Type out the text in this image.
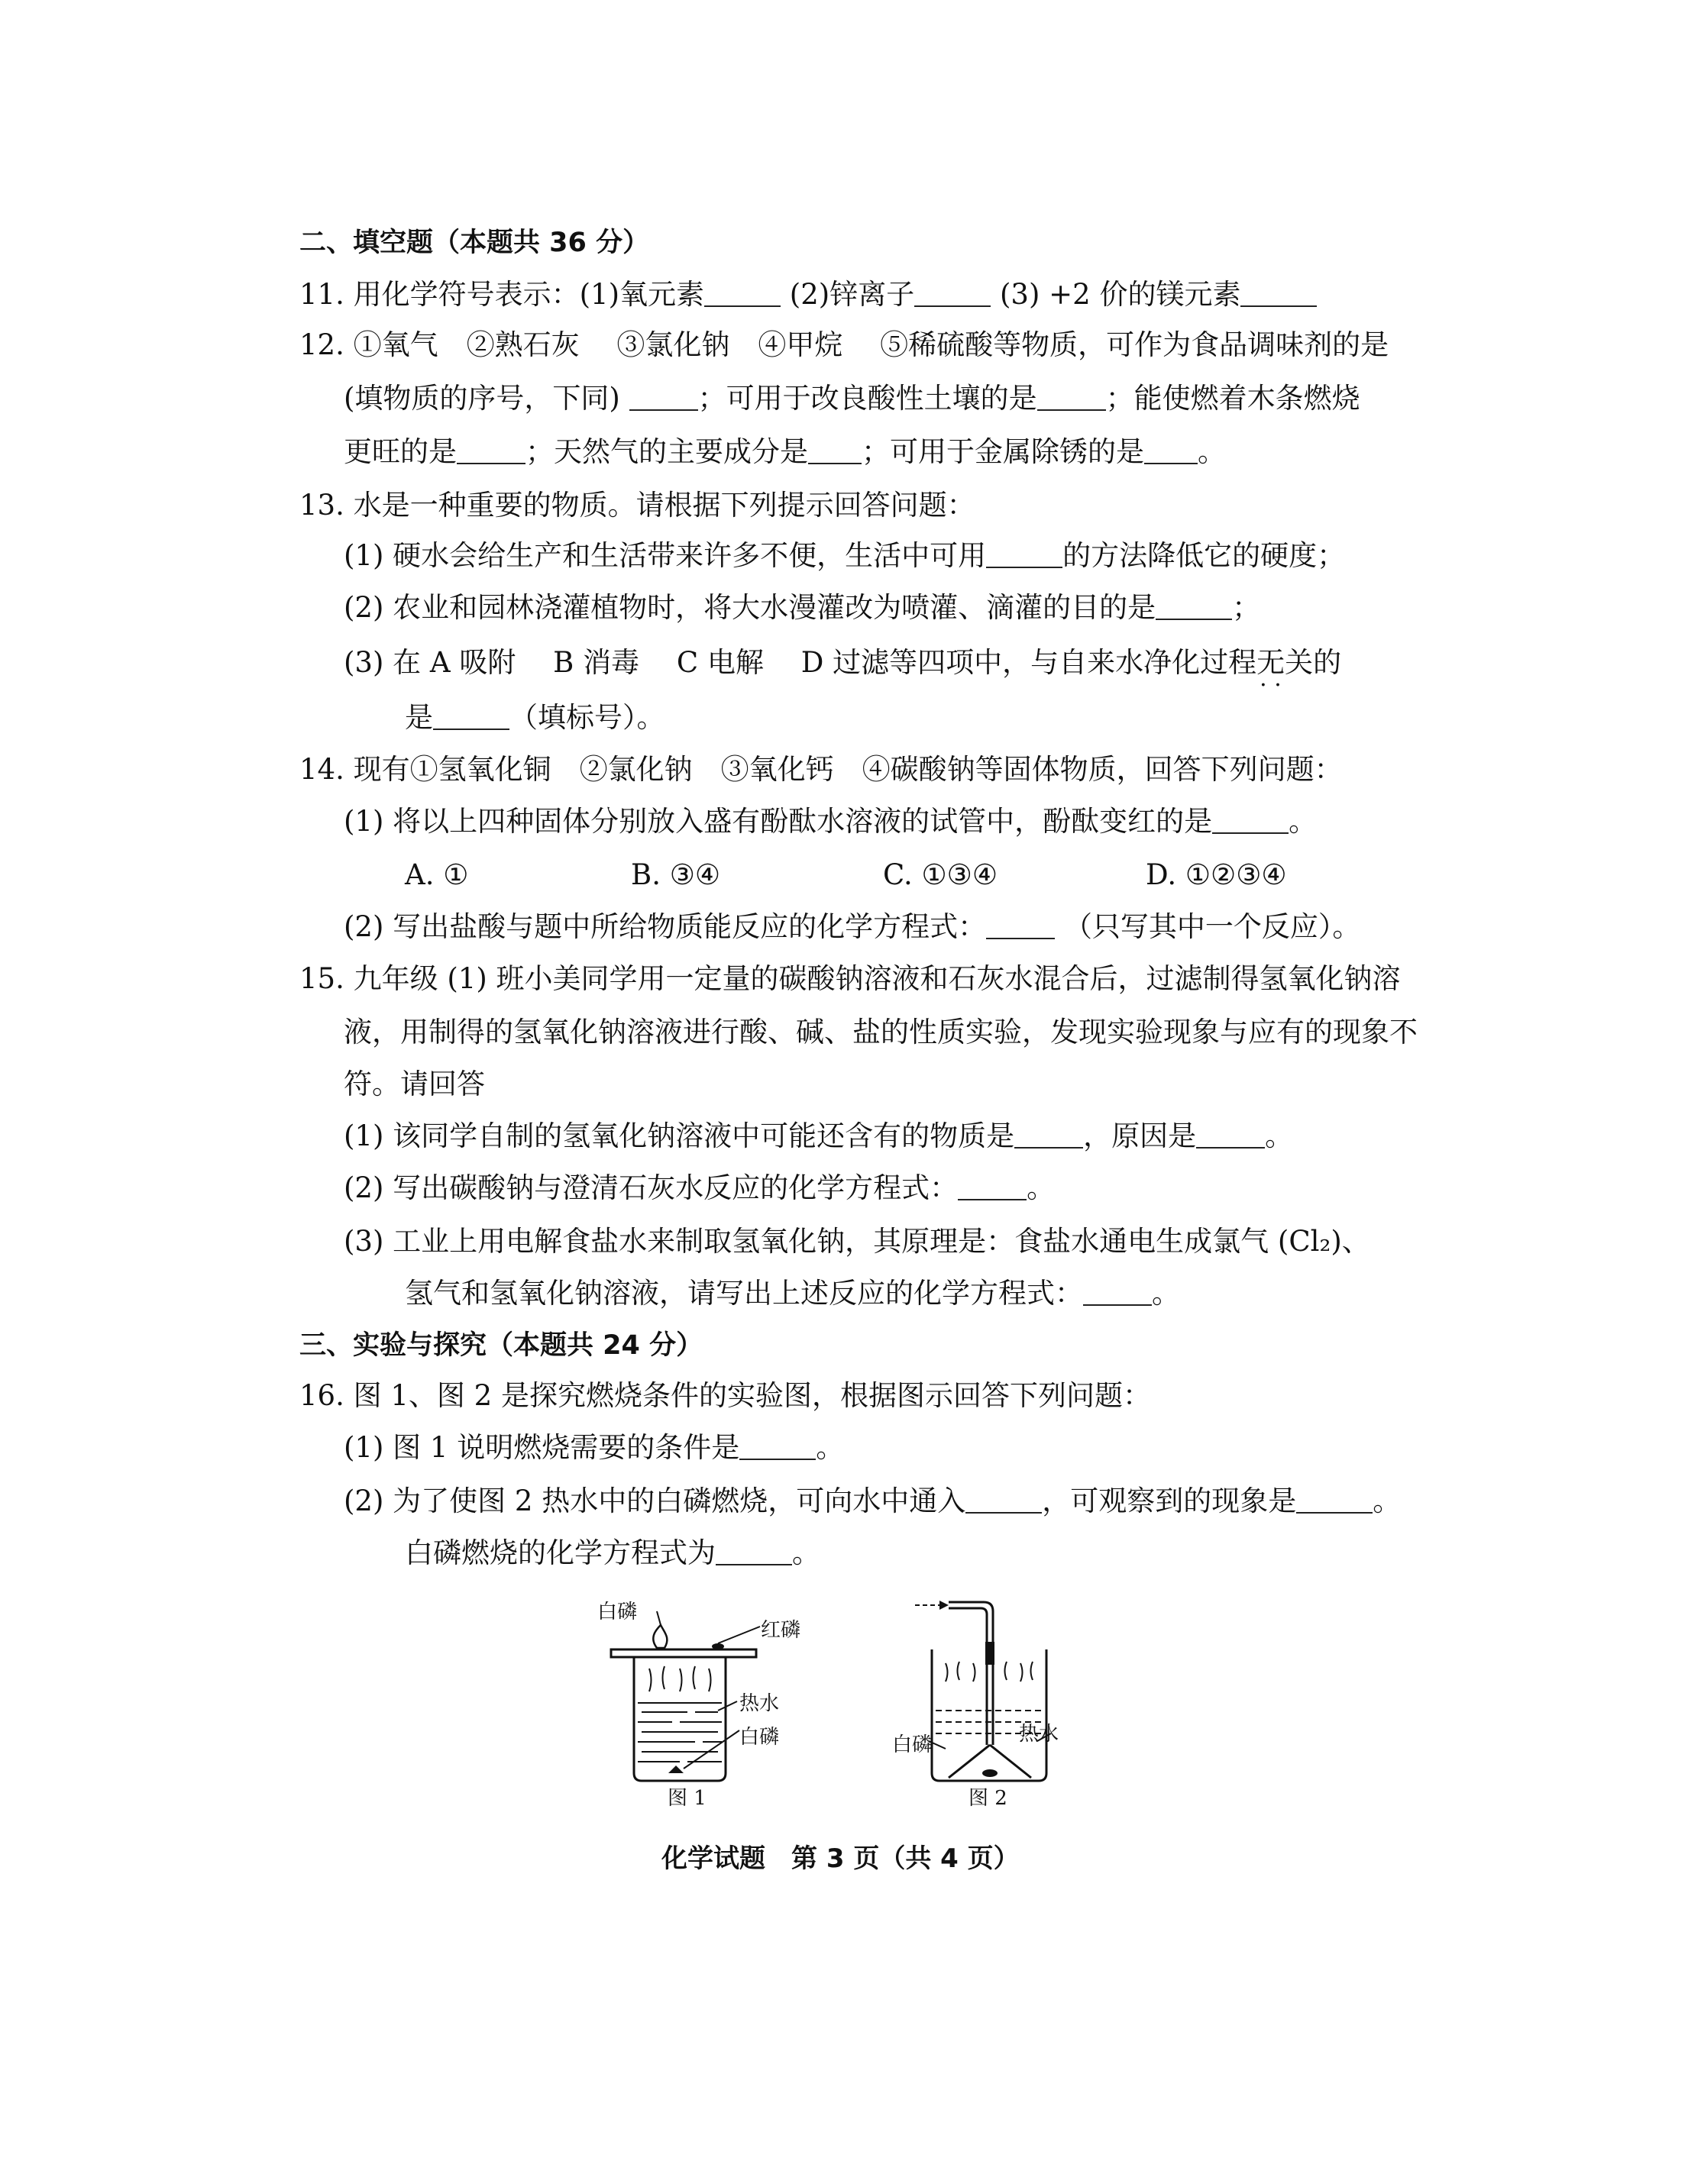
二、填空题（本题共 36 分）
11. 用化学符号表示：(1)氧元素	(2)锌离子	(3) +2 价的镁元素
12. ①氧气　②熟石灰　 ③氯化钠　④甲烷　 ⑤稀硫酸等物质，可作为食品调味剂的是
(填物质的序号，下同)	；可用于改良酸性土壤的是 ；能使燃着木条燃烧
更旺的是 ；天然气的主要成分是 ；可用于金属除锈的是 。
13. 水是一种重要的物质。请根据下列提示回答问题：
(1) 硬水会给生产和生活带来许多不便，生活中可用	的方法降低它的硬度；
(2) 农业和园林浇灌植物时，将大水漫灌改为喷灌、滴灌的目的是	；
(3) 在 A 吸附　 B 消毒　 C 电解　 D 过滤等四项中，与自来水净化过程无关 · ·的
是	（填标号）。
14. 现有①氢氧化铜　②氯化钠　③氧化钙　④碳酸钠等固体物质，回答下列问题：
(1) 将以上四种固体分别放入盛有酚酞水溶液的试管中，酚酞变红的是	。
A. ①	B. ③④	C. ①③④	D. ①②③④
(2) 写出盐酸与题中所给物质能反应的化学方程式：	（只写其中一个反应）。
15. 九年级 (1) 班小美同学用一定量的碳酸钠溶液和石灰水混合后，过滤制得氢氧化钠溶
液，用制得的氢氧化钠溶液进行酸、碱、盐的性质实验，发现实验现象与应有的现象不
符。请回答
(1) 该同学自制的氢氧化钠溶液中可能还含有的物质是 ，原因是 。
(2) 写出碳酸钠与澄清石灰水反应的化学方程式： 。
(3) 工业上用电解食盐水来制取氢氧化钠，其原理是：食盐水通电生成氯气 (Cl₂)、
氢气和氢氧化钠溶液，请写出上述反应的化学方程式： 。
三、实验与探究（本题共 24 分）
16. 图 1、图 2 是探究燃烧条件的实验图，根据图示回答下列问题：
(1) 图 1 说明燃烧需要的条件是	。
(2) 为了使图 2 热水中的白磷燃烧，可向水中通入	，可观察到的现象是	。
白磷燃烧的化学方程式为	。
白磷
红磷
热水
白磷
图 1
白磷	热水
图 2
化学试题　第 3 页（共 4 页）
